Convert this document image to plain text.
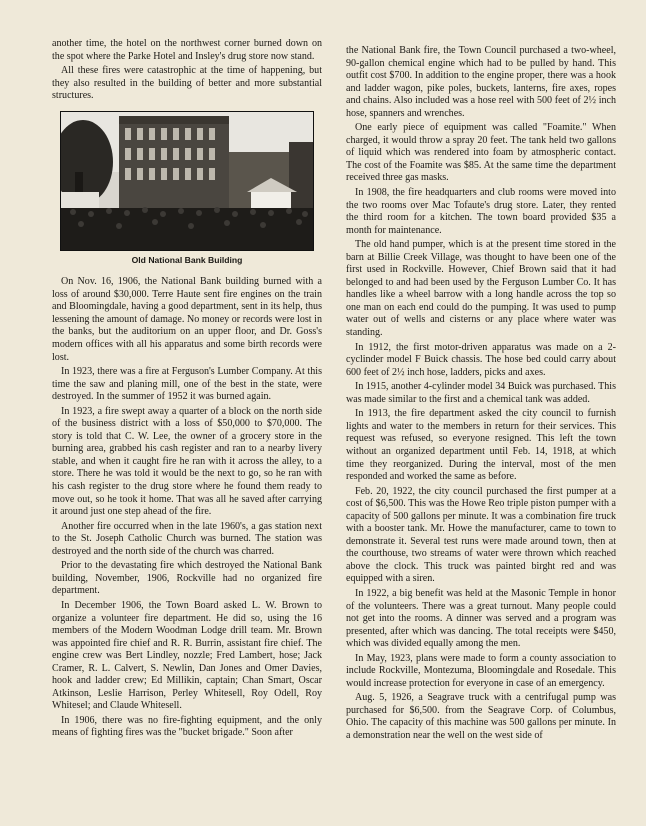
another time, the hotel on the northwest corner burned down on the spot where the Parke Hotel and Insley's drug store now stand.

All these fires were catastrophic at the time of happening, but they also resulted in the building of better and more substantial structures.

Old National Bank Building

On Nov. 16, 1906, the National Bank building burned with a loss of around $30,000. Terre Haute sent fire engines on the train and Bloomingdale, having a good department, sent in its help, thus lessening the amount of damage. No money or records were lost in the banks, but the auditorium on an upper floor, and Dr. Goss's modern offices with all his apparatus and some birth records were lost.

In 1923, there was a fire at Ferguson's Lumber Company. At this time the saw and planing mill, one of the best in the state, were destroyed. In the summer of 1952 it was burned again.

In 1923, a fire swept away a quarter of a block on the north side of the business district with a loss of $50,000 to $70,000. The story is told that C. W. Lee, the owner of a grocery store in the burning area, grabbed his cash register and ran to a nearby livery stable, and when it caught fire he ran with it across the alley, to a store. There he was told it would be the next to go, so he ran with his cash register to the drug store where he found them ready to move out, so he took it home. That was all he saved after carrying it around just one step ahead of the fire.

Another fire occurred when in the late 1960's, a gas station next to the St. Joseph Catholic Church was burned. The station was destroyed and the north side of the church was charred.

Prior to the devastating fire which destroyed the National Bank building, November, 1906, Rockville had no organized fire department.

In December 1906, the Town Board asked L. W. Brown to organize a volunteer fire department. He did so, using the 16 members of the Modern Woodman Lodge drill team. Mr. Brown was appointed fire chief and R. R. Burrin, assistant fire chief. The engine crew was Bert Lindley, nozzle; Fred Lambert, hose; Jack Cramer, R. L. Calvert, S. Newlin, Dan Jones and Omer Davies, hook and ladder crew; Ed Millikin, captain; Chan Smart, Oscar Atkinson, Leslie Harrison, Perley Whitesell, Roy Odell, Roy Whitesel; and Claude Whitesell.

In 1906, there was no fire-fighting equipment, and the only means of fighting fires was the "bucket brigade." Soon after

the National Bank fire, the Town Council purchased a two-wheel, 90-gallon chemical engine which had to be pulled by hand. This outfit cost $700. In addition to the engine proper, there was a hook and ladder wagon, pike poles, buckets, lanterns, fire axes, ropes and chains. Also included was a hose reel with 500 feet of 2½ inch hose, spanners and wrenches.

One early piece of equipment was called "Foamite." When charged, it would throw a spray 20 feet. The tank held two gallons of liquid which was rendered into foam by atmospheric contact. The cost of the Foamite was $85. At the same time the department received three gas masks.

In 1908, the fire headquarters and club rooms were moved into the two rooms over Mac Tofaute's drug store. Later, they rented the third room for a kitchen. The town board provided $35 a month for maintenance.

The old hand pumper, which is at the present time stored in the barn at Billie Creek Village, was thought to have been one of the first used in Rockville. However, Chief Brown said that it had belonged to and had been used by the Ferguson Lumber Co. It has handles like a wheel barrow with a long handle across the top so one man on each end could do the pumping. It was used to pump water out of wells and cisterns or any place where water was standing.

In 1912, the first motor-driven apparatus was made on a 2-cyclinder model F Buick chassis. The hose bed could carry about 600 feet of 2½ inch hose, ladders, picks and axes.

In 1915, another 4-cylinder model 34 Buick was purchased. This was made similar to the first and a chemical tank was added.

In 1913, the fire department asked the city council to furnish lights and water to the members in return for their services. This request was refused, so everyone resigned. This left the town without an organized department until Feb. 14, 1918, at which time they reorganized. During the interval, most of the men responded and worked the same as before.

Feb. 20, 1922, the city council purchased the first pumper at a cost of $6,500. This was the Howe Reo triple piston pumper with a capacity of 500 gallons per minute. It was a combination fire truck with a booster tank. Mr. Howe the manufacturer, came to town to demonstrate it. Several test runs were made around town, then at the courthouse, two streams of water were thrown which reached above the clock. This truck was painted birght red and was equipped with a siren.

In 1922, a big benefit was held at the Masonic Temple in honor of the volunteers. There was a great turnout. Many people could not get into the rooms. A dinner was served and a program was presented, after which was dancing. The total receipts were $450, which was divided equally among the men.

In May, 1923, plans were made to form a county association to include Rockville, Montezuma, Bloomingdale and Rosedale. This would increase protection for everyone in case of an emergency.

Aug. 5, 1926, a Seagrave truck with a centrifugal pump was purchased for $6,500. from the Seagrave Corp. of Columbus, Ohio. The capacity of this machine was 500 gallons per minute. In a demonstration near the well on the west side of
